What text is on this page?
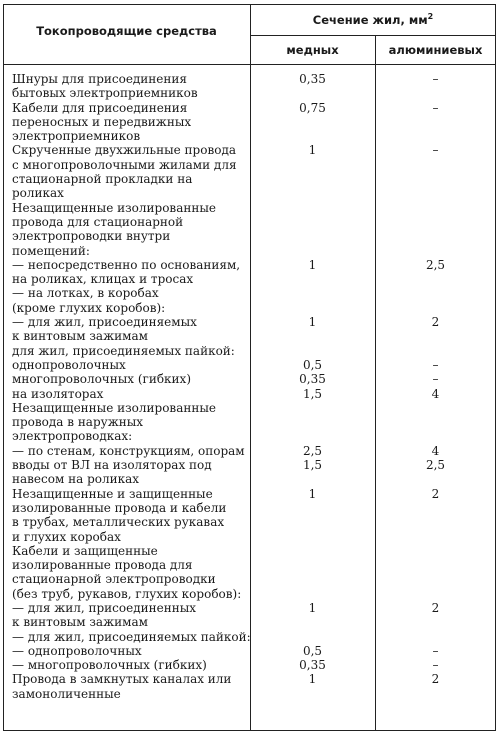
Токопроводящие средства
Сечение жил, $мм^2$
медных	алюминиевых
Шнуры для присоединения	0,35	–
бытовых электроприемников
Кабели для присоединения	0,75	–
переносных и передвижных
электроприемников
Скрученные двухжильные провода	1	–
с многопроволочными жилами для
стационарной прокладки на
роликах
Незащищенные изолированные
провода для стационарной
электропроводки внутри
помещений:
— непосредственно по основаниям,	1	2,5
на роликах, клицах и тросах
— на лотках, в коробах
(кроме глухих коробов):
— для жил, присоединяемых	1	2
к винтовым зажимам
для жил, присоединяемых пайкой:
однопроволочных	0,5	–
многопроволочных (гибких)	0,35	–
на изоляторах	1,5	4
Незащищенные изолированные
провода в наружных
электропроводках:
— по стенам, конструкциям, опорам	2,5	4
вводы от ВЛ на изоляторах под	1,5	2,5
навесом на роликах
Незащищенные и защищенные	1	2
изолированные провода и кабели
в трубах, металлических рукавах
и глухих коробах
Кабели и защищенные
изолированные провода для
стационарной электропроводки
(без труб, рукавов, глухих коробов):
— для жил, присоединенных	1	2
к винтовым зажимам
— для жил, присоединяемых пайкой:
— однопроволочных	0,5	–
— многопроволочных (гибких)	0,35	–
Провода в замкнутых каналах или	1	2
замоноличенные
